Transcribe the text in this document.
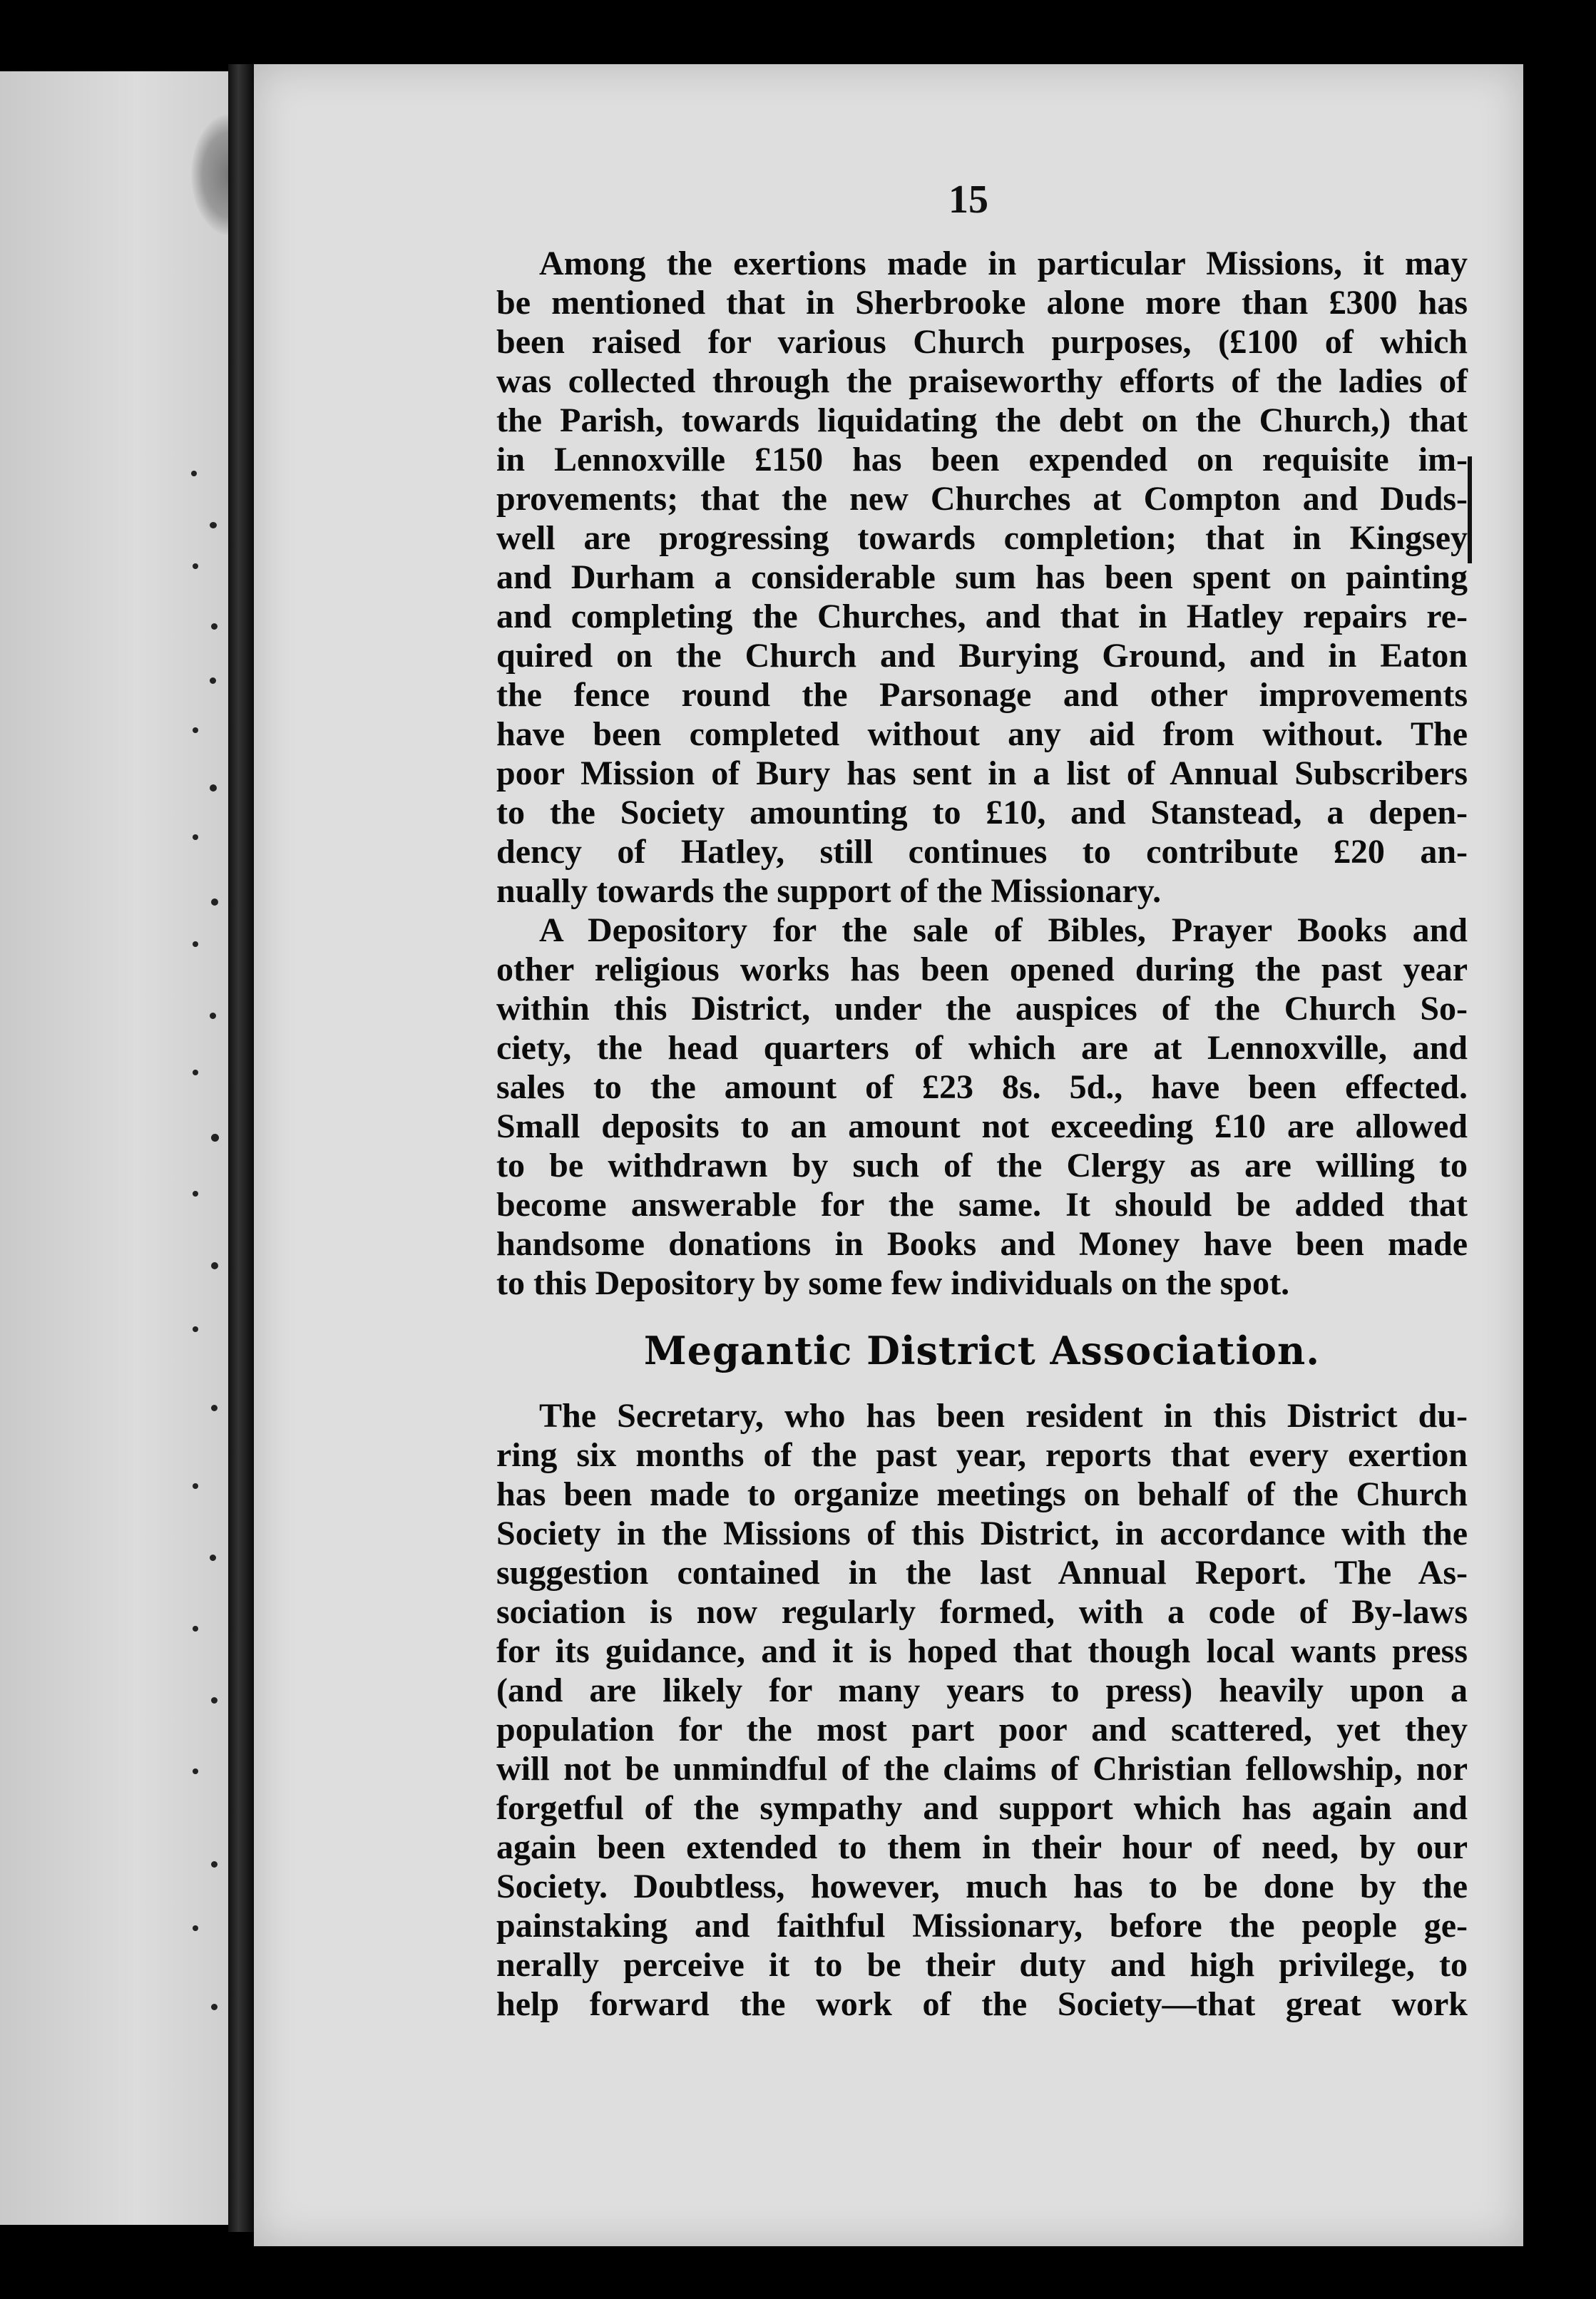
15

Among the exertions made in particular Missions, it may

be mentioned that in Sherbrooke alone more than £300 has

been raised for various Church purposes, (£100 of which

was collected through the praiseworthy efforts of the ladies of

the Parish, towards liquidating the debt on the Church,) that

in Lennoxville £150 has been expended on requisite im-

provements; that the new Churches at Compton and Duds-

well are progressing towards completion; that in Kingsey

and Durham a considerable sum has been spent on painting

and completing the Churches, and that in Hatley repairs re-

quired on the Church and Burying Ground, and in Eaton

the fence round the Parsonage and other improvements

have been completed without any aid from without. The

poor Mission of Bury has sent in a list of Annual Subscribers

to the Society amounting to £10, and Stanstead, a depen-

dency of Hatley, still continues to contribute £20 an-

nually towards the support of the Missionary.

A Depository for the sale of Bibles, Prayer Books and

other religious works has been opened during the past year

within this District, under the auspices of the Church So-

ciety, the head quarters of which are at Lennoxville, and

sales to the amount of £23 8s. 5d., have been effected.

Small deposits to an amount not exceeding £10 are allowed

to be withdrawn by such of the Clergy as are willing to

become answerable for the same. It should be added that

handsome donations in Books and Money have been made

to this Depository by some few individuals on the spot.

Megantic District Association.

The Secretary, who has been resident in this District du-

ring six months of the past year, reports that every exertion

has been made to organize meetings on behalf of the Church

Society in the Missions of this District, in accordance with the

suggestion contained in the last Annual Report. The As-

sociation is now regularly formed, with a code of By-laws

for its guidance, and it is hoped that though local wants press

(and are likely for many years to press) heavily upon a

population for the most part poor and scattered, yet they

will not be unmindful of the claims of Christian fellowship, nor

forgetful of the sympathy and support which has again and

again been extended to them in their hour of need, by our

Society. Doubtless, however, much has to be done by the

painstaking and faithful Missionary, before the people ge-

nerally perceive it to be their duty and high privilege, to

help forward the work of the Society—that great work
